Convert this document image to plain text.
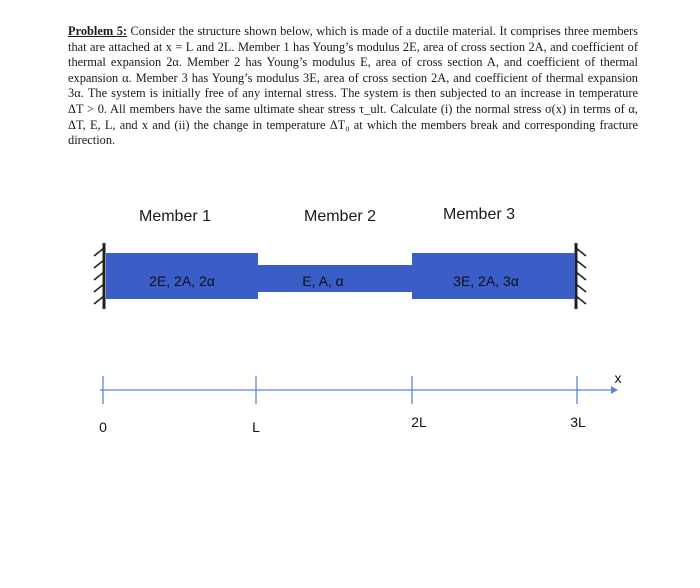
Problem 5: Consider the structure shown below, which is made of a ductile material. It comprises three members that are attached at x = L and 2L. Member 1 has Young’s modulus 2E, area of cross section 2A, and coefficient of thermal expansion 2α. Member 2 has Young’s modulus E, area of cross section A, and coefficient of thermal expansion α. Member 3 has Young’s modulus 3E, area of cross section 2A, and coefficient of thermal expansion 3α. The system is initially free of any internal stress. The system is then subjected to an increase in temperature ΔT > 0. All members have the same ultimate shear stress τ_ult. Calculate (i) the normal stress σ(x) in terms of α, ΔT, E, L, and x and (ii) the change in temperature ΔT₀ at which the members break and corresponding fracture direction.

Member 1	Member 2	Member 3
2E, 2A, 2α	E, A, α	3E, 2A, 3α
0	L	2L	3L
x
